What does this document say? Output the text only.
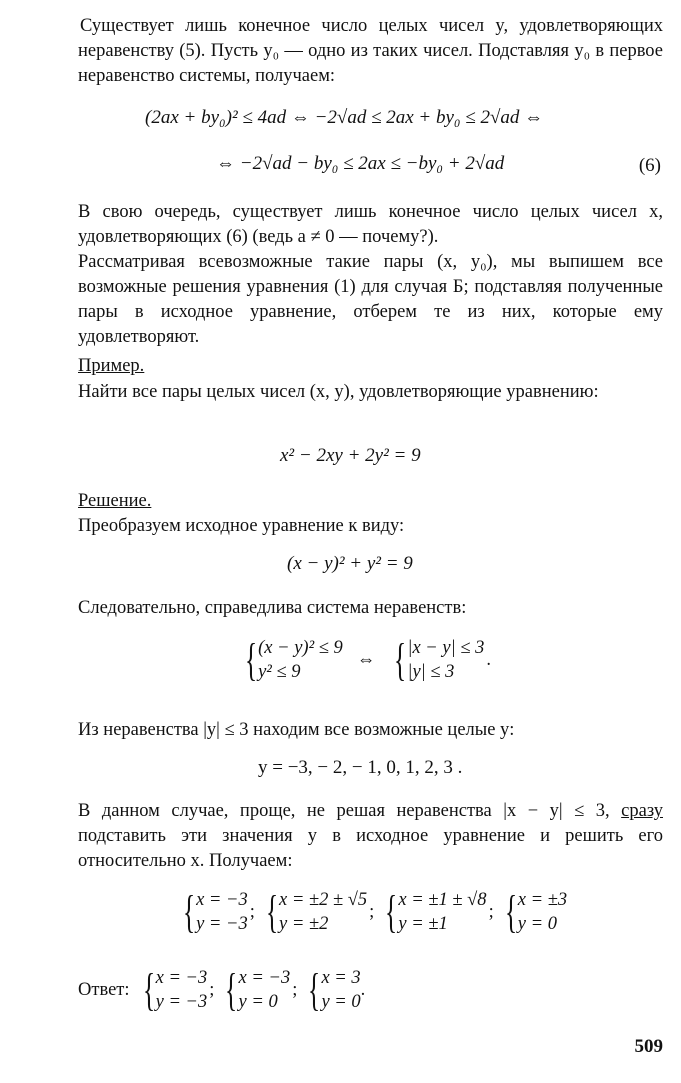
Существует лишь конечное число целых чисел y, удовлетворяющих неравенству (5). Пусть y₀ — одно из таких чисел. Подставляя y₀ в первое неравенство системы, получаем:
(2ax + by₀)² ≤ 4ad ⇔ −2√ad ≤ 2ax + by₀ ≤ 2√ad ⇔
⇔ −2√ad − by₀ ≤ 2ax ≤ −by₀ + 2√ad	(6)
В свою очередь, существует лишь конечное число целых чисел x, удовлетворяющих (6) (ведь a ≠ 0 — почему?).
Рассматривая всевозможные такие пары (x, y₀), мы выпишем все возможные решения уравнения (1) для случая Б; подставляя полученные пары в исходное уравнение, отберем те из них, которые ему удовлетворяют.
Пример.
Найти все пары целых чисел (x, y), удовлетворяющие уравнению:
x² − 2xy + 2y² = 9
Решение.
Преобразуем исходное уравнение к виду:
(x − y)² + y² = 9
Следовательно, справедлива система неравенств:
{ (x − y)² ≤ 9
y² ≤ 9
⇔ { |x − y| ≤ 3
|y| ≤ 3
.
Из неравенства |y| ≤ 3 находим все возможные целые y:
y = −3, − 2, − 1, 0, 1, 2, 3 .
В данном случае, проще, не решая неравенства |x − y| ≤ 3, сразу подставить эти значения y в исходное уравнение и решить его относительно x. Получаем:
{ x = −3
y = −3
; { x = ±2 ± √5
y = ±2
; { x = ±1 ± √8
y = ±1
; { x = ±3
y = 0
Ответ: { x = −3
y = −3
; { x = −3
y = 0
; { x = 3
y = 0
.
509
